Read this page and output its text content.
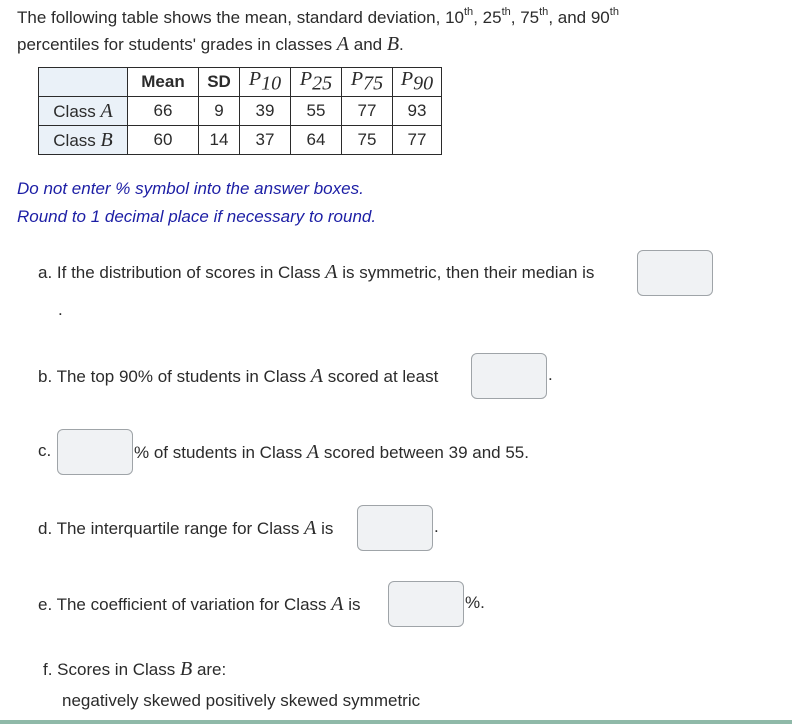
The following table shows the mean, standard deviation, 10th, 25th, 75th, and 90th
percentiles for students' grades in classes A and B.
	Mean	SD	$P_{10}$	$P_{25}$	$P_{75}$	$P_{90}$
Class A	66	9	39	55	77	93
Class B	60	14	37	64	75	77
Do not enter % symbol into the answer boxes.
Round to 1 decimal place if necessary to round.
a. If the distribution of scores in Class A is symmetric, then their median is
.
b. The top 90% of students in Class A scored at least	.
c.	% of students in Class A scored between 39 and 55.
d. The interquartile range for Class A is	.
e. The coefficient of variation for Class A is	%.
f. Scores in Class B are:
negatively skewed positively skewed symmetric
